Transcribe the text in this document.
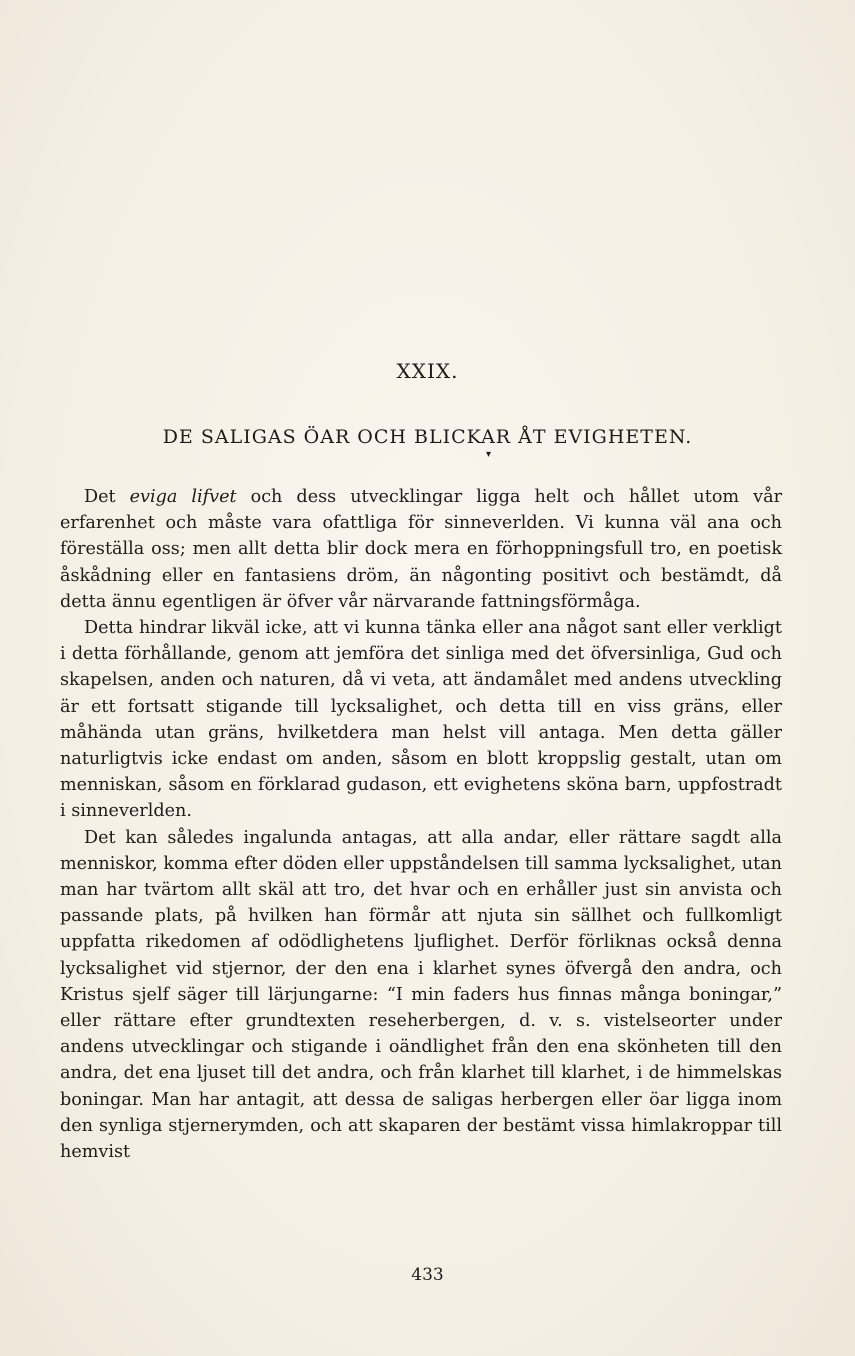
XXIX.
DE SALIGAS ÖAR OCH BLICKAR ÅT EVIGHETEN.
▾

Det eviga lifvet och dess utvecklingar ligga helt och hållet utom vår erfarenhet och måste vara ofattliga för sinneverlden. Vi kunna väl ana och föreställa oss; men allt detta blir dock mera en förhoppningsfull tro, en poetisk åskådning eller en fantasiens dröm, än någonting positivt och bestämdt, då detta ännu egentligen är öfver vår närvarande fattningsförmåga.

Detta hindrar likväl icke, att vi kunna tänka eller ana något sant eller verkligt i detta förhållande, genom att jemföra det sinliga med det öfversinliga, Gud och skapelsen, anden och naturen, då vi veta, att ändamålet med andens utveckling är ett fortsatt stigande till lycksalighet, och detta till en viss gräns, eller måhända utan gräns, hvilketdera man helst vill antaga. Men detta gäller naturligtvis icke endast om anden, såsom en blott kroppslig gestalt, utan om menniskan, såsom en förklarad gudason, ett evighetens sköna barn, uppfostradt i sinneverlden.

Det kan således ingalunda antagas, att alla andar, eller rättare sagdt alla menniskor, komma efter döden eller uppståndelsen till samma lycksalighet, utan man har tvärtom allt skäl att tro, det hvar och en erhåller just sin anvista och passande plats, på hvilken han förmår att njuta sin sällhet och fullkomligt uppfatta rikedomen af odödlighetens ljuflighet. Derför förliknas också denna lycksalighet vid stjernor, der den ena i klarhet synes öfvergå den andra, och Kristus sjelf säger till lärjungarne: “I min faders hus finnas många boningar,” eller rättare efter grundtexten reseherbergen, d. v. s. vistelseorter under andens utvecklingar och stigande i oändlighet från den ena skönheten till den andra, det ena ljuset till det andra, och från klarhet till klarhet, i de himmelskas boningar. Man har antagit, att dessa de saligas herbergen eller öar ligga inom den synliga stjernerymden, och att skaparen der bestämt vissa himlakroppar till hemvist

433
